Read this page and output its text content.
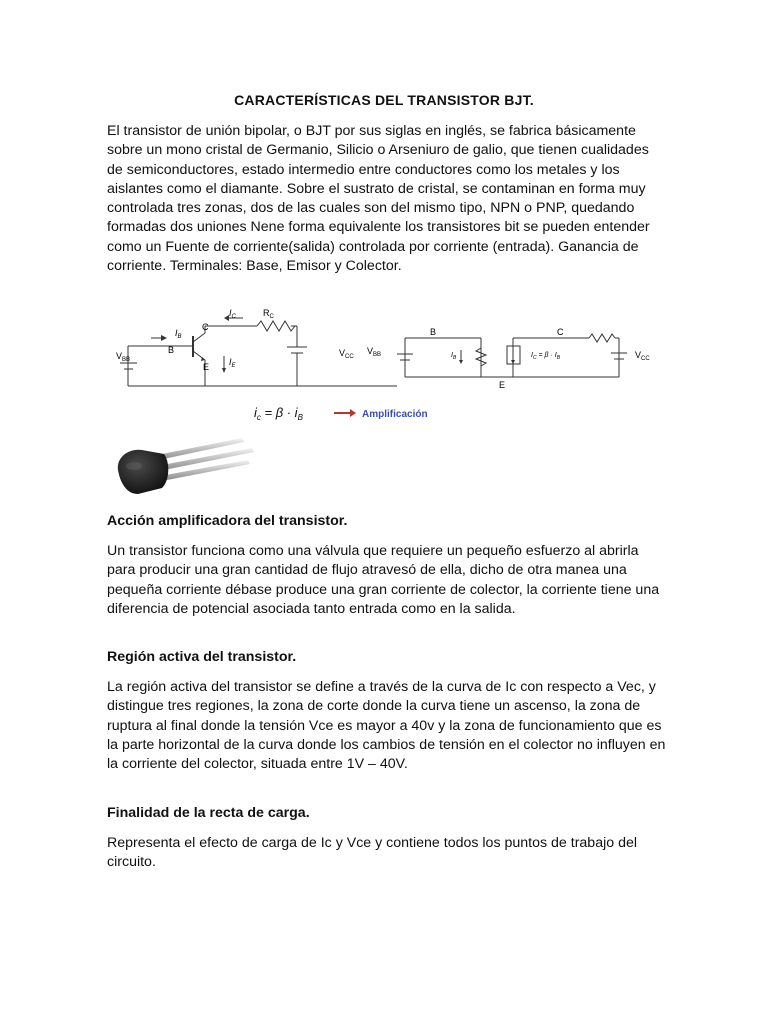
CARACTERÍSTICAS DEL TRANSISTOR BJT.

El transistor de unión bipolar, o BJT por sus siglas en inglés, se fabrica básicamente sobre un mono cristal de Germanio, Silicio o Arseniuro de galio, que tienen cualidades de semiconductores, estado intermedio entre conductores como los metales y los aislantes como el diamante. Sobre el sustrato de cristal, se contaminan en forma muy controlada tres zonas, dos de las cuales son del mismo tipo, NPN o PNP, quedando formadas dos uniones Nene forma equivalente los transistores bit se pueden entender como un Fuente de corriente(salida) controlada por corriente (entrada). Ganancia de corriente. Terminales: Base, Emisor y Colector.

$V_{BB}$
B
C
E
$I_B$
$I_E$
$I_C$	$R_C$
$V_{CC}$
$V_{BB}$
B	C
E
$I_B$	$I_C = \beta \cdot I_B$	$V_{CC}$
$i_c = \beta \cdot i_B$	Amplificación
Acción amplificadora del transistor.

Un transistor funciona como una válvula que requiere un pequeño esfuerzo al abrirla para producir una gran cantidad de flujo atravesó de ella, dicho de otra manea una pequeña corriente débase produce una gran corriente de colector, la corriente tiene una diferencia de potencial asociada tanto entrada como en la salida.

Región activa del transistor.

La región activa del transistor se define a través de la curva de Ic con respecto a Vec, y distingue tres regiones, la zona de corte donde la curva tiene un ascenso, la zona de ruptura al final donde la tensión Vce es mayor a 40v y la zona de funcionamiento que es la parte horizontal de la curva donde los cambios de tensión en el colector no influyen en la corriente del colector, situada entre 1V – 40V.

Finalidad de la recta de carga.

Representa el efecto de carga de Ic y Vce y contiene todos los puntos de trabajo del circuito.
